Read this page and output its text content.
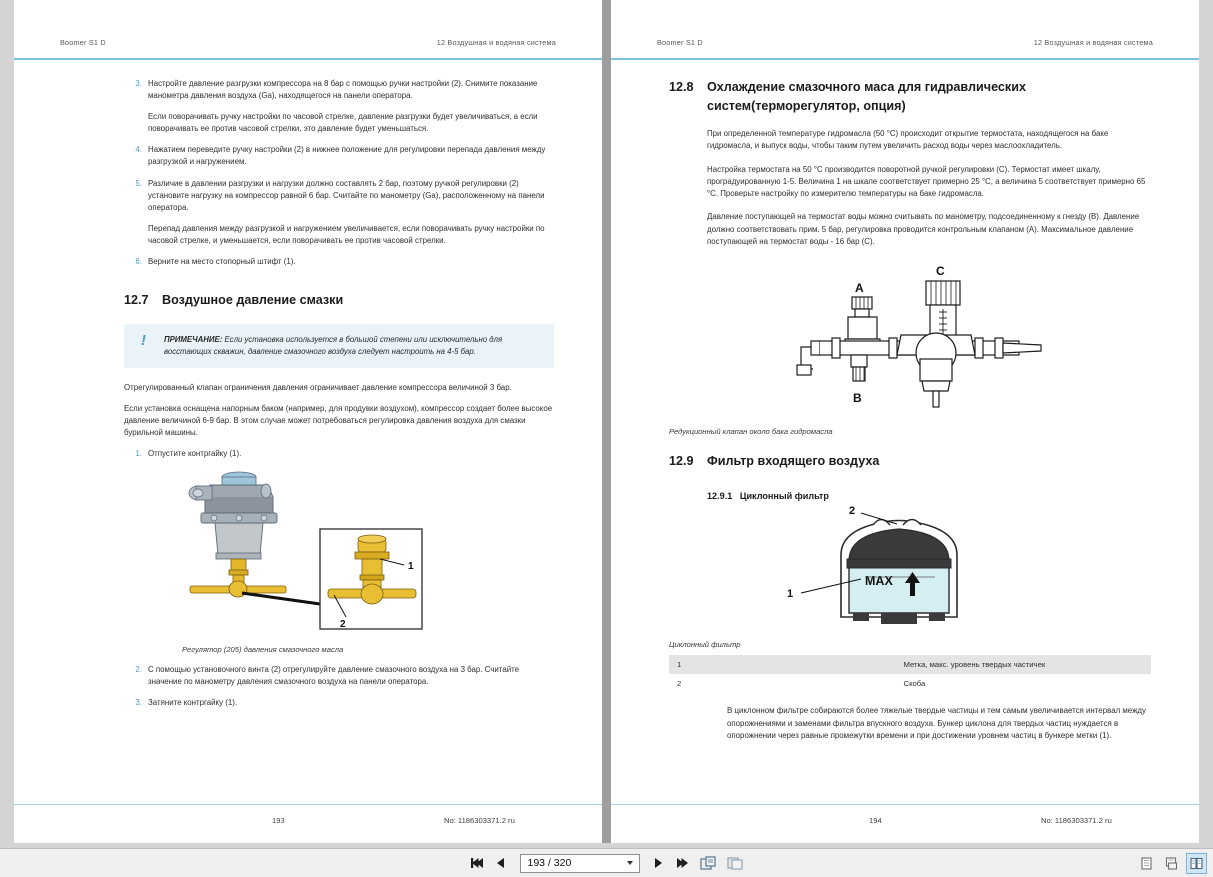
Boomer S1 D	12 Воздушная и водяная система
3. Настройте давление разгрузки компрессора на 8 бар с помощью ручки настройки (2). Снимите показание манометра давления воздуха (Ga), находящегося на панели оператора.

Если поворачивать ручку настройки по часовой стрелке, давление разгрузки будет увеличиваться, а если поворачивать ее против часовой стрелки, это давление будет уменьшаться.

4. Нажатием переведите ручку настройки (2) в нижнее положение для регулировки перепада давления между разгрузкой и нагружением.

5. Различие в давлении разгрузки и нагрузки должно составлять 2 бар, поэтому ручкой регулировки (2) установите нагрузку на компрессор равной 6 бар. Считайте по манометру (Ga), расположенному на панели оператора.

Перепад давления между разгрузкой и нагружением увеличивается, если поворачивать ручку настройки по часовой стрелке, и уменьшается, если поворачивать ее против часовой стрелки.

6. Верните на место стопорный штифт (1).

12.7	Воздушное давление смазки
! ПРИМЕЧАНИЕ: Если установка используется в большой степени или исключительно для восстающих скважин, давление смазочного воздуха следует настроить на 4-5 бар.

Отрегулированный клапан ограничения давления ограничивает давление компрессора величиной 3 бар.

Если установка оснащена напорным баком (например, для продувки воздухом), компрессор создает более высокое давление величиной 6-9 бар. В этом случае может потребоваться регулировка давления воздуха для смазки бурильной машины.

1. Отпустите контргайку (1).

1
2
Регулятор (205) давления смазочного масла
2. С помощью установочного винта (2) отрегулируйте давление смазочного воздуха на 3 бар. Считайте значение по манометру давления смазочного воздуха на панели оператора.

3. Затяните контргайку (1).

193	No: 1186303371.2 ru
Boomer S1 D	12 Воздушная и водяная система
12.8	Охлаждение смазочного маса для гидравлических систем(терморегулятор, опция)

При определенной температуре гидромасла (50 °C) происходит открытие термостата, находящегося на баке гидромасла, и выпуск воды, чтобы таким путем увеличить расход воды через маслоохладитель.

Настройка термостата на 50 °C производится поворотной ручкой регулировки (C). Термостат имеет шкалу, проградуированную 1-5. Величина 1 на шкале соответствует примерно 25 °C, а величина 5 соответствует примерно 65 °C. Проверьте настройку по измерителю температуры на баке гидромасла.

Давление поступающей на термостат воды можно считывать по манометру, подсоединенному к гнезду (B). Давление должно соответствовать прим. 5 бар, регулировка проводится контрольным клапаном (A). Максимальное давление поступающей на термостат воды - 16 бар (C).

A
C
B
Редукционный клапан около бака гидромасла
12.9	Фильтр входящего воздуха
12.9.1 Циклонный фильтр
MAX
2
1
Циклонный фильтр
1	Метка, макс. уровень твердых частичек
2	Скоба

В циклонном фильтре собираются более тяжелые твердые частицы и тем самым увеличивается интервал между опорожнениями и заменами фильтра впускного воздуха. Бункер циклона для твердых частиц нуждается в опорожнении через равные промежутки времени и при достижении уровнем частиц в бункере метки (1).

194	No: 1186303371.2 ru
193 / 320
